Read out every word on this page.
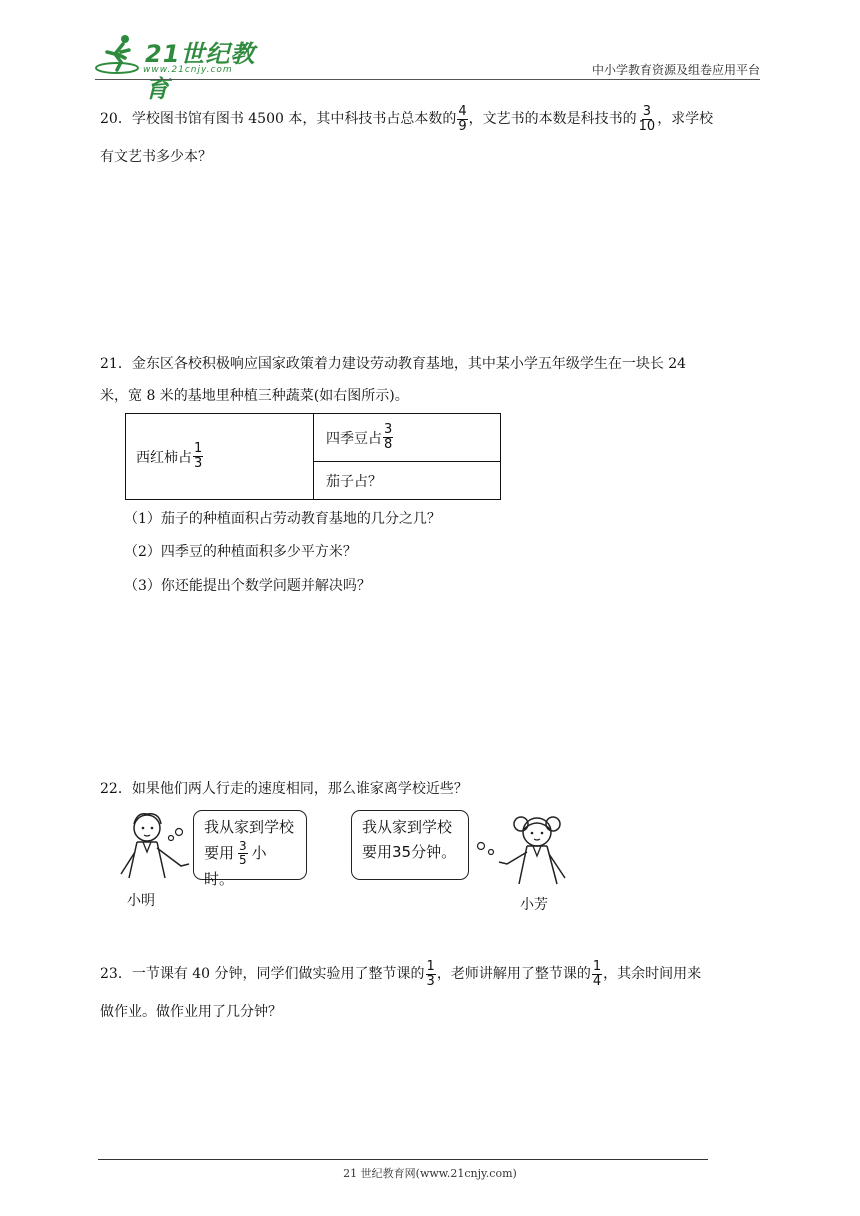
21世纪教育
www.21cnjy.com	中小学教育资源及组卷应用平台
20．学校图书馆有图书 4500 本，其中科技书占总本数的 $\frac{4}{9}$ ，文艺书的本数是科技书的 $\frac{3}{10}$ ，求学校
有文艺书多少本？
21．金东区各校积极响应国家政策着力建设劳动教育基地，其中某小学五年级学生在一块长 24
米，宽 8 米的基地里种植三种蔬菜(如右图所示)。
西红柿占 $\frac{1}{3}$
四季豆占 $\frac{3}{8}$
茄子占？
（1）茄子的种植面积占劳动教育基地的几分之几？
（2）四季豆的种植面积多少平方米？
（3）你还能提出个数学问题并解决吗？
22．如果他们两人行走的速度相同，那么谁家离学校近些？
我从家到学校
要用 $\frac{3}{5}$ 小时。
我从家到学校
要用35分钟。
小明	小芳
23．一节课有 40 分钟，同学们做实验用了整节课的 $\frac{1}{3}$ ，老师讲解用了整节课的 $\frac{1}{4}$ ，其余时间用来
做作业。做作业用了几分钟？
21 世纪教育网(www.21cnjy.com)
